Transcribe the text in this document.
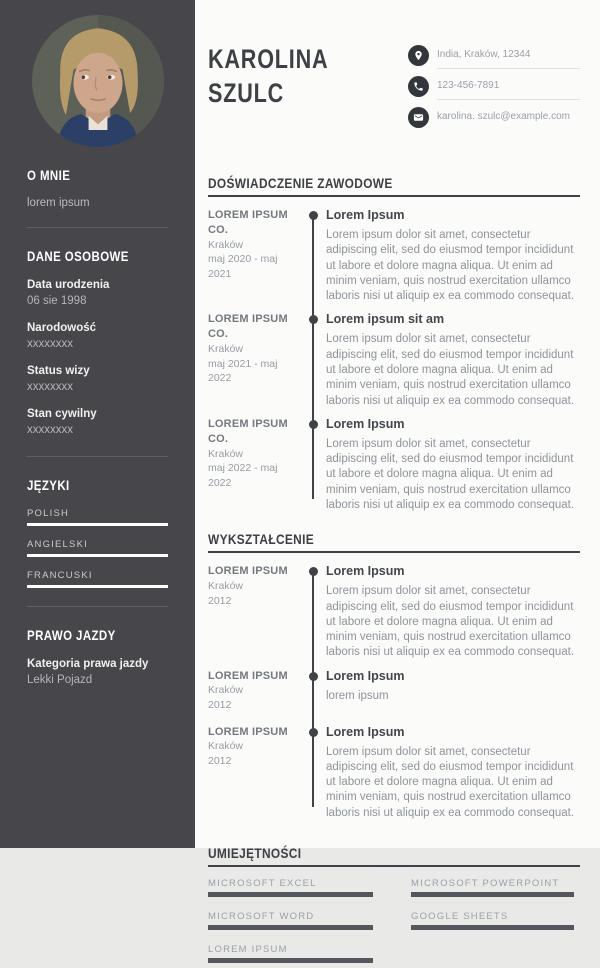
O MNIE
lorem ipsum
DANE OSOBOWE
Data urodzenia
06 sie 1998
Narodowość
xxxxxxxx
Status wizy
xxxxxxxx
Stan cywilny
xxxxxxxx
JĘZYKI
POLISH
ANGIELSKI
FRANCUSKI
PRAWO JAZDY
Kategoria prawa jazdy
Lekki Pojazd
KAROLINA
SZULC
India, Kraków, 12344
123-456-7891
karolina. szulc@example.com
DOŚWIADCZENIE ZAWODOWE
LOREM IPSUM CO.
Kraków
maj 2020 - maj 2021
Lorem Ipsum
Lorem ipsum dolor sit amet, consectetur adipiscing elit, sed do eiusmod tempor incididunt ut labore et dolore magna aliqua. Ut enim ad minim veniam, quis nostrud exercitation ullamco laboris nisi ut aliquip ex ea commodo consequat.
LOREM IPSUM CO.
Kraków
maj 2021 - maj 2022
Lorem ipsum sit am
Lorem ipsum dolor sit amet, consectetur adipiscing elit, sed do eiusmod tempor incididunt ut labore et dolore magna aliqua. Ut enim ad minim veniam, quis nostrud exercitation ullamco laboris nisi ut aliquip ex ea commodo consequat.
LOREM IPSUM CO.
Kraków
maj 2022 - maj 2022
Lorem Ipsum
Lorem ipsum dolor sit amet, consectetur adipiscing elit, sed do eiusmod tempor incididunt ut labore et dolore magna aliqua. Ut enim ad minim veniam, quis nostrud exercitation ullamco laboris nisi ut aliquip ex ea commodo consequat.
WYKSZTAŁCENIE
LOREM IPSUM
Kraków
2012
Lorem Ipsum
Lorem ipsum dolor sit amet, consectetur adipiscing elit, sed do eiusmod tempor incididunt ut labore et dolore magna aliqua. Ut enim ad minim veniam, quis nostrud exercitation ullamco laboris nisi ut aliquip ex ea commodo consequat.
LOREM IPSUM
Kraków
2012
Lorem Ipsum
lorem ipsum
LOREM IPSUM
Kraków
2012
Lorem Ipsum
Lorem ipsum dolor sit amet, consectetur adipiscing elit, sed do eiusmod tempor incididunt ut labore et dolore magna aliqua. Ut enim ad minim veniam, quis nostrud exercitation ullamco laboris nisi ut aliquip ex ea commodo consequat.
UMIEJĘTNOŚCI
MICROSOFT EXCEL
MICROSOFT WORD
LOREM IPSUM
MICROSOFT POWERPOINT
GOOGLE SHEETS
